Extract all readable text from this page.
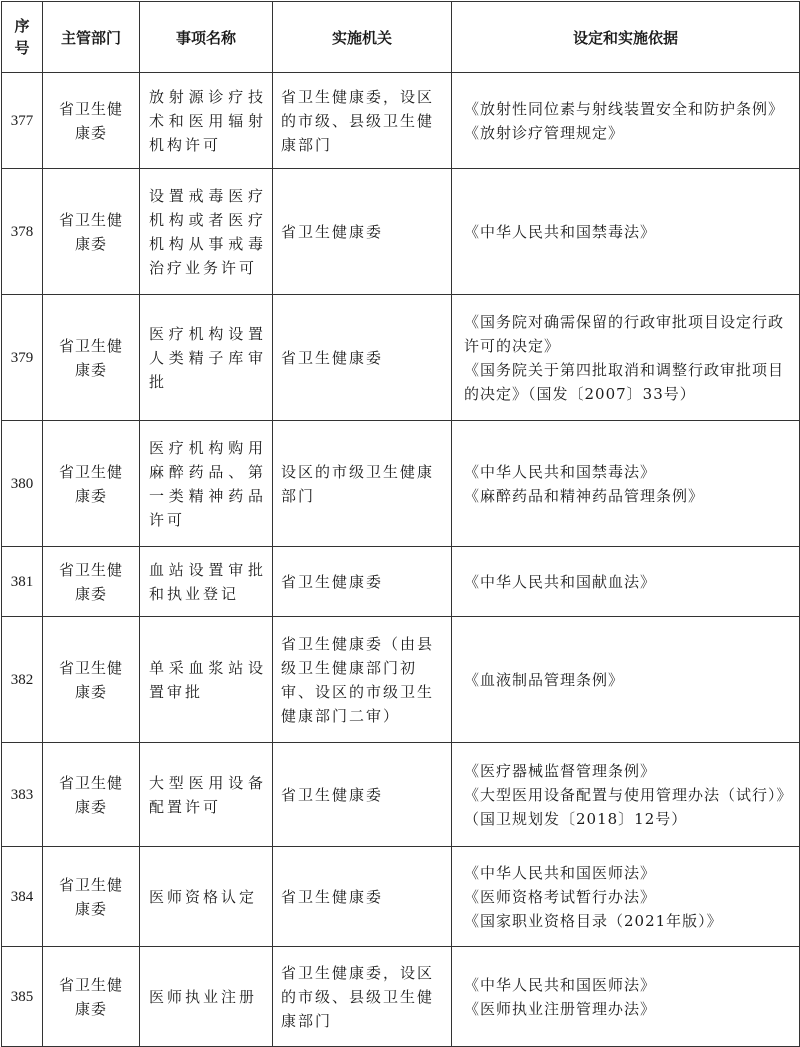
序
号	主管部门	事项名称	实施机关	设定和实施依据
377	省卫生健康委	放射源诊疗技术和医用辐射机构许可	省卫生健康委，设区的市级、县级卫生健康部门	《放射性同位素与射线装置安全和防护条例》
《放射诊疗管理规定》

378	省卫生健康委	设置戒毒医疗机构或者医疗机构从事戒毒治疗业务许可	省卫生健康委	《中华人民共和国禁毒法》

379	省卫生健康委	医疗机构设置人类精子库审批	省卫生健康委	《国务院对确需保留的行政审批项目设定行政许可的决定》
《国务院关于第四批取消和调整行政审批项目的决定》（国发〔2007〕33号）

380	省卫生健康委	医疗机构购用麻醉药品、第一类精神药品许可	设区的市级卫生健康部门	《中华人民共和国禁毒法》
《麻醉药品和精神药品管理条例》

381	省卫生健康委	血站设置审批和执业登记	省卫生健康委	《中华人民共和国献血法》

382	省卫生健康委	单采血浆站设置审批	省卫生健康委（由县级卫生健康部门初审、设区的市级卫生健康部门二审）	《血液制品管理条例》

383	省卫生健康委	大型医用设备配置许可	省卫生健康委	《医疗器械监督管理条例》
《大型医用设备配置与使用管理办法（试行）》（国卫规划发〔2018〕12号）

384	省卫生健康委	医师资格认定	省卫生健康委	《中华人民共和国医师法》
《医师资格考试暂行办法》
《国家职业资格目录（2021年版）》

385	省卫生健康委	医师执业注册	省卫生健康委，设区的市级、县级卫生健康部门	《中华人民共和国医师法》
《医师执业注册管理办法》
